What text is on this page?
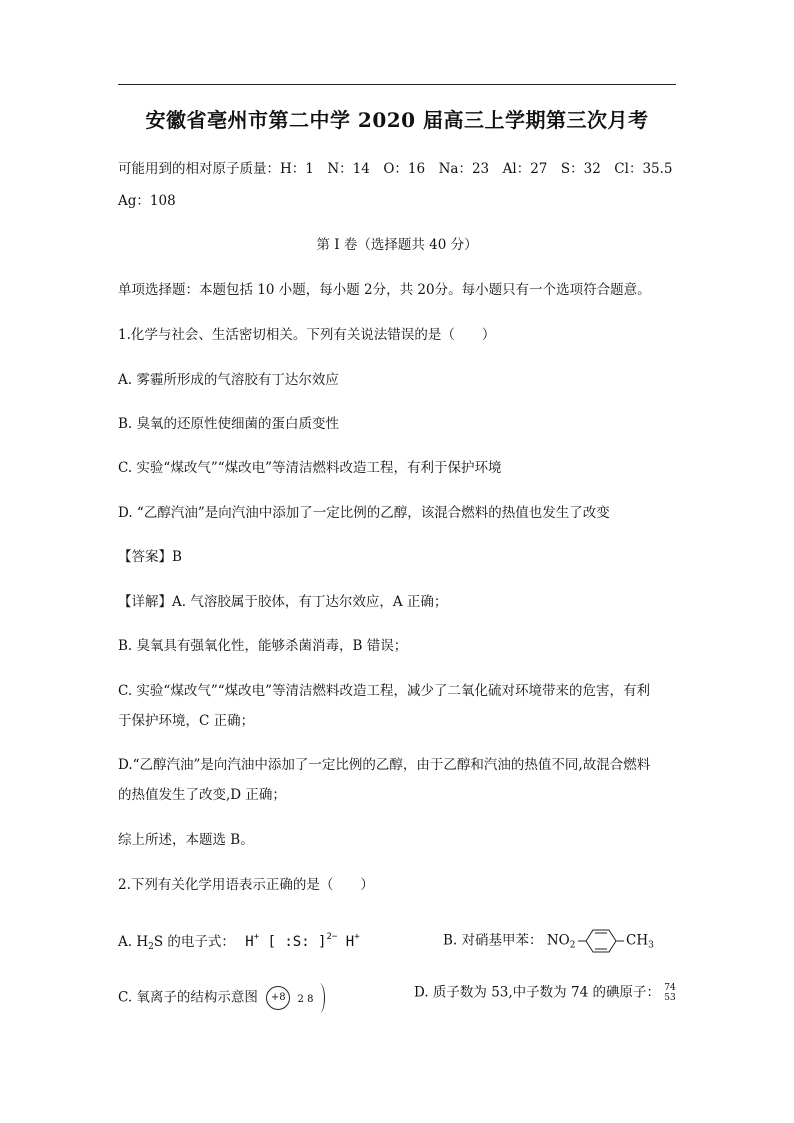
安徽省亳州市第二中学 2020 届高三上学期第三次月考
可能用到的相对原子质量：H：1　N：14　O：16　Na：23　Al：27　S：32　Cl：35.5
Ag：108
第 I 卷（选择题共 40 分）
单项选择题：本题包括 10 小题，每小题 2分，共 20分。每小题只有一个选项符合题意。
1.化学与社会、生活密切相关。下列有关说法错误的是（　　）
A. 雾霾所形成的气溶胶有丁达尔效应
B. 臭氧的还原性使细菌的蛋白质变性
C. 实验“煤改气”“煤改电”等清洁燃料改造工程，有利于保护环境
D. “乙醇汽油”是向汽油中添加了一定比例的乙醇，该混合燃料的热值也发生了改变
【答案】B
【详解】A. 气溶胶属于胶体，有丁达尔效应，A 正确；
B. 臭氧具有强氧化性，能够杀菌消毒，B 错误；
C. 实验“煤改气”“煤改电”等清洁燃料改造工程，减少了二氧化硫对环境带来的危害，有利
于保护环境，C 正确；
D.“乙醇汽油”是向汽油中添加了一定比例的乙醇，由于乙醇和汽油的热值不同,故混合燃料
的热值发生了改变,D 正确；
综上所述，本题选 B。
2.下列有关化学用语表示正确的是（　　）
A. $H_2S$ 的电子式： H+ [ :S: ]$^{2-}$ H+	B. 对硝基甲苯： $NO_2$	$CH_3$
C. 氧离子的结构示意图 +8 2 8	D. 质子数为 53,中子数为 74 的碘原子： 74
53
